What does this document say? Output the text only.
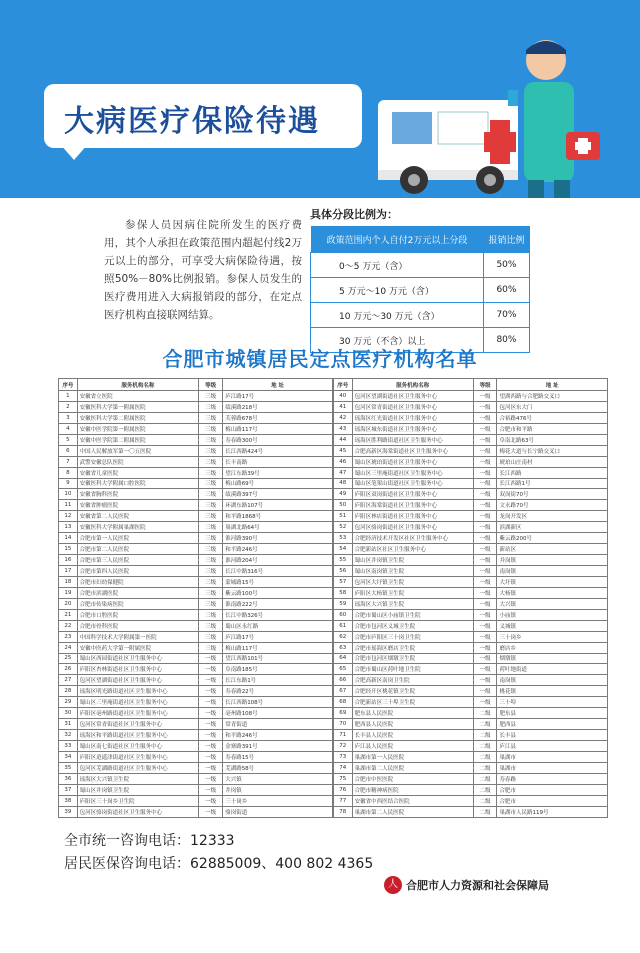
大病医疗保险待遇
参保人员因病住院所发生的医疗费用，其个人承担在政策范围内超起付线2万元以上的部分，可享受大病保险待遇，按照50%－80%比例报销。参保人员发生的医疗费用进入大病报销段的部分，在定点医疗机构直接联网结算。
具体分段比例为：
政策范围内个人自付2万元以上分段	报销比例
0～5 万元（含）	50%
5 万元～10 万元（含）	60%
10 万元～30 万元（含）	70%
30 万元（不含）以上	80%
合肥市城镇居民定点医疗机构名单
序号	服务机构名称	等级	地 址
1	安徽省立医院	三级	庐江路17号
2	安徽医科大学第一附属医院	三级	绩溪路218号
3	安徽医科大学第二附属医院	三级	芙蓉路678号
4	安徽中医学院第一附属医院	三级	梅山路117号
5	安徽中医学院第二附属医院	三级	寿春路300号
6	中国人民解放军第一〇五医院	三级	长江西路424号
7	武警安徽总队医院	三级	长丰南路
8	安徽省儿童医院	三级	望江东路39号
9	安徽医科大学附属口腔医院	三级	梅山路69号
10	安徽省胸科医院	三级	绩溪路397号
11	安徽省肿瘤医院	三级	环湖东路107号
12	安徽省第二人民医院	三级	和平路1868号
13	安徽医科大学附属巢湖医院	三级	巢湖北路64号
14	合肥市第一人民医院	三级	淮河路390号
15	合肥市第二人民医院	三级	和平路246号
16	合肥市第三人民医院	三级	淮河路204号
17	合肥市第四人民医院	三级	长江中路316号
18	合肥市妇幼保健院	三级	蒙城路15号
19	合肥市滨湖医院	三级	紫云路100号
20	合肥市传染病医院	三级	淮南路222号
21	合肥市口腔医院	三级	长江中路326号
22	合肥市骨科医院	三级	蜀山区永红路
23	中国科学技术大学附属第一医院	三级	庐江路17号
24	安徽中医药大学第一附属医院	三级	梅山路117号
25	蜀山区西园街道社区卫生服务中心	一级	望江西路101号
26	庐阳区杏林街道社区卫生服务中心	一级	阜南路185号
27	包河区望湖街道社区卫生服务中心	一级	长江东路1号
28	瑶海区明光路街道社区卫生服务中心	一级	寿春路22号
29	蜀山区三里庵街道社区卫生服务中心	一级	长江西路108号
30	庐阳区亳州路街道社区卫生服务中心	一级	亳州路108号
31	包河区常青街道社区卫生服务中心	一级	常青街道
32	瑶海区和平路街道社区卫生服务中心	一级	和平路246号
33	蜀山区南七街道社区卫生服务中心	一级	金寨路391号
34	庐阳区逍遥津街道社区卫生服务中心	一级	寿春路15号
35	包河区芜湖路街道社区卫生服务中心	一级	芜湖路58号
36	瑶海区大兴镇卫生院	一级	大兴镇
37	蜀山区井岗镇卫生院	一级	井岗镇
38	庐阳区三十岗乡卫生院	一级	三十岗乡
39	包河区骆岗街道社区卫生服务中心	一级	骆岗街道
序号	服务机构名称	等级	地 址
40	包河区望湖街道社区卫生服务中心	一级	望湖西路与合肥路交叉口
41	包河区常青街道社区卫生服务中心	一级	包河区东大门
42	瑶海区红光街道社区卫生服务中心	一级	合裕路476号
43	瑶海区城东街道社区卫生服务中心	一级	合肥市和平路
44	瑶海区胜利路街道社区卫生服务中心	一级	阜南北路63号
45	合肥高新区海棠街道社区卫生服务中心	一级	梅花大道与长宁路交叉口
46	蜀山区琥珀街道社区卫生服务中心	一级	琥珀山庄南村
47	蜀山区三里庵街道社区卫生服务中心	一级	长江西路
48	蜀山区笔架山街道社区卫生服务中心	一级	长江西路1号
49	庐阳区双岗街道社区卫生服务中心	一级	双岗街70号
50	庐阳区海棠街道社区卫生服务中心	一级	文永路70号
51	庐阳区林店街道社区卫生服务中心	一级	龙岗开发区
52	包河区骆岗街道社区卫生服务中心	一级	滨湖新区
53	合肥经济技术开发区社区卫生服务中心	一级	紫云路200号
54	合肥新站区社区卫生服务中心	一级	新站区
55	蜀山区井岗镇卫生院	一级	井岗镇
56	蜀山区南岗镇卫生院	一级	南岗镇
57	包河区大圩镇卫生院	一级	大圩镇
58	庐阳区大杨镇卫生院	一级	大杨镇
59	瑶海区大兴镇卫生院	一级	大兴镇
60	合肥市蜀山区小庙镇卫生院	一级	小庙镇
61	合肥市包河区义城卫生院	一级	义城镇
62	合肥市庐阳区三十岗卫生院	一级	三十岗乡
63	合肥市瑶海区磨店卫生院	一级	磨店乡
64	合肥市包河区烟墩卫生院	一级	烟墩镇
65	合肥市蜀山区荷叶地卫生院	一级	荷叶地街道
66	合肥高新区南岗卫生院	一级	南岗镇
67	合肥经开区桃花镇卫生院	一级	桃花镇
68	合肥新站区三十埠卫生院	一级	三十埠
69	肥东县人民医院	二级	肥东县
70	肥西县人民医院	二级	肥西县
71	长丰县人民医院	二级	长丰县
72	庐江县人民医院	二级	庐江县
73	巢湖市第一人民医院	二级	巢湖市
74	巢湖市第二人民医院	二级	巢湖市
75	合肥市中医医院	二级	寿春路
76	合肥市精神病医院	二级	合肥市
77	安徽省中西医结合医院	二级	合肥市
78	巢湖市第二人民医院	二级	巢湖市人民路119号
全市统一咨询电话：12333
居民医保咨询电话：62885009、400 802 4365
人 合肥市人力资源和社会保障局
